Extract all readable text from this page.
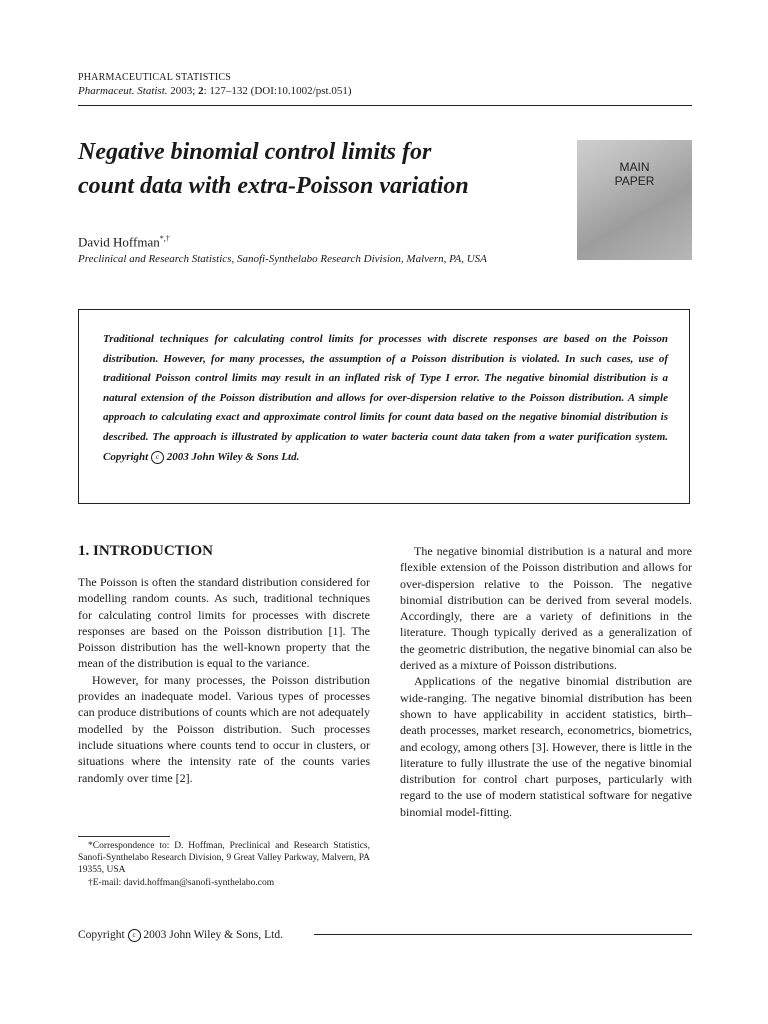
PHARMACEUTICAL STATISTICS
Pharmaceut. Statist. 2003; 2: 127–132 (DOI:10.1002/pst.051)
Negative binomial control limits for
count data with extra-Poisson variation
MAIN
PAPER
David Hoffman*,†
Preclinical and Research Statistics, Sanofi-Synthelabo Research Division, Malvern, PA, USA
Traditional techniques for calculating control limits for processes with discrete responses are based on the Poisson distribution. However, for many processes, the assumption of a Poisson distribution is violated. In such cases, use of traditional Poisson control limits may result in an inflated risk of Type I error. The negative binomial distribution is a natural extension of the Poisson distribution and allows for over-dispersion relative to the Poisson distribution. A simple approach to calculating exact and approximate control limits for count data based on the negative binomial distribution is described. The approach is illustrated by application to water bacteria count data taken from a water purification system. Copyright c 2003 John Wiley & Sons Ltd.
1. INTRODUCTION

The Poisson is often the standard distribution considered for modelling random counts. As such, traditional techniques for calculating control limits for processes with discrete responses are based on the Poisson distribution [1]. The Poisson distribution has the well-known property that the mean of the distribution is equal to the variance.

However, for many processes, the Poisson distribution provides an inadequate model. Various types of processes can produce distributions of counts which are not adequately modelled by the Poisson distribution. Such processes include situations where counts tend to occur in clusters, or situations where the intensity rate of the counts varies randomly over time [2].

The negative binomial distribution is a natural and more flexible extension of the Poisson distribution and allows for over-dispersion relative to the Poisson. The negative binomial distribution can be derived from several models. Accordingly, there are a variety of definitions in the literature. Though typically derived as a generalization of the geometric distribution, the negative binomial can also be derived as a mixture of Poisson distributions.

Applications of the negative binomial distribution are wide-ranging. The negative binomial distribution has been shown to have applicability in accident statistics, birth–death processes, market research, econometrics, biometrics, and ecology, among others [3]. However, there is little in the literature to fully illustrate the use of the negative binomial distribution for control chart purposes, particularly with regard to the use of modern statistical software for negative binomial model-fitting.

*Correspondence to: D. Hoffman, Preclinical and Research Statistics, Sanofi-Synthelabo Research Division, 9 Great Valley Parkway, Malvern, PA 19355, USA

†E-mail: david.hoffman@sanofi-synthelabo.com

Copyright c 2003 John Wiley & Sons, Ltd.
